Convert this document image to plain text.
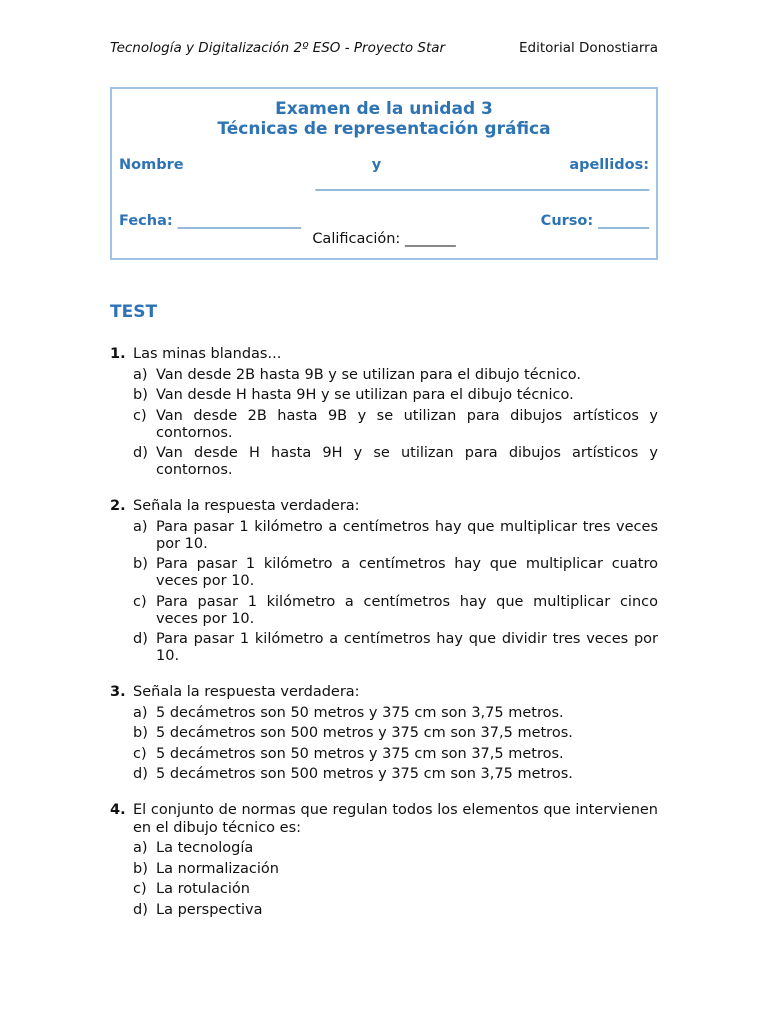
Tecnología y Digitalización 2º ESO - Proyecto Star	Editorial Donostiarra
Examen de la unidad 3
Técnicas de representación gráfica
Nombre	y	apellidos:
________________________________________________
Fecha: _________________	Curso: _______
Calificación: _______
TEST
1. Las minas blandas...
a) Van desde 2B hasta 9B y se utilizan para el dibujo técnico.
b) Van desde H hasta 9H y se utilizan para el dibujo técnico.
c) Van desde 2B hasta 9B y se utilizan para dibujos artísticos y contornos.
d) Van desde H hasta 9H y se utilizan para dibujos artísticos y contornos.
2. Señala la respuesta verdadera:
a) Para pasar 1 kilómetro a centímetros hay que multiplicar tres veces por 10.
b) Para pasar 1 kilómetro a centímetros hay que multiplicar cuatro veces por 10.
c) Para pasar 1 kilómetro a centímetros hay que multiplicar cinco veces por 10.
d) Para pasar 1 kilómetro a centímetros hay que dividir tres veces por 10.
3. Señala la respuesta verdadera:
a) 5 decámetros son 50 metros y 375 cm son 3,75 metros.
b) 5 decámetros son 500 metros y 375 cm son 37,5 metros.
c) 5 decámetros son 50 metros y 375 cm son 37,5 metros.
d) 5 decámetros son 500 metros y 375 cm son 3,75 metros.
4. El conjunto de normas que regulan todos los elementos que intervienen en el dibujo técnico es:
a) La tecnología
b) La normalización
c) La rotulación
d) La perspectiva
